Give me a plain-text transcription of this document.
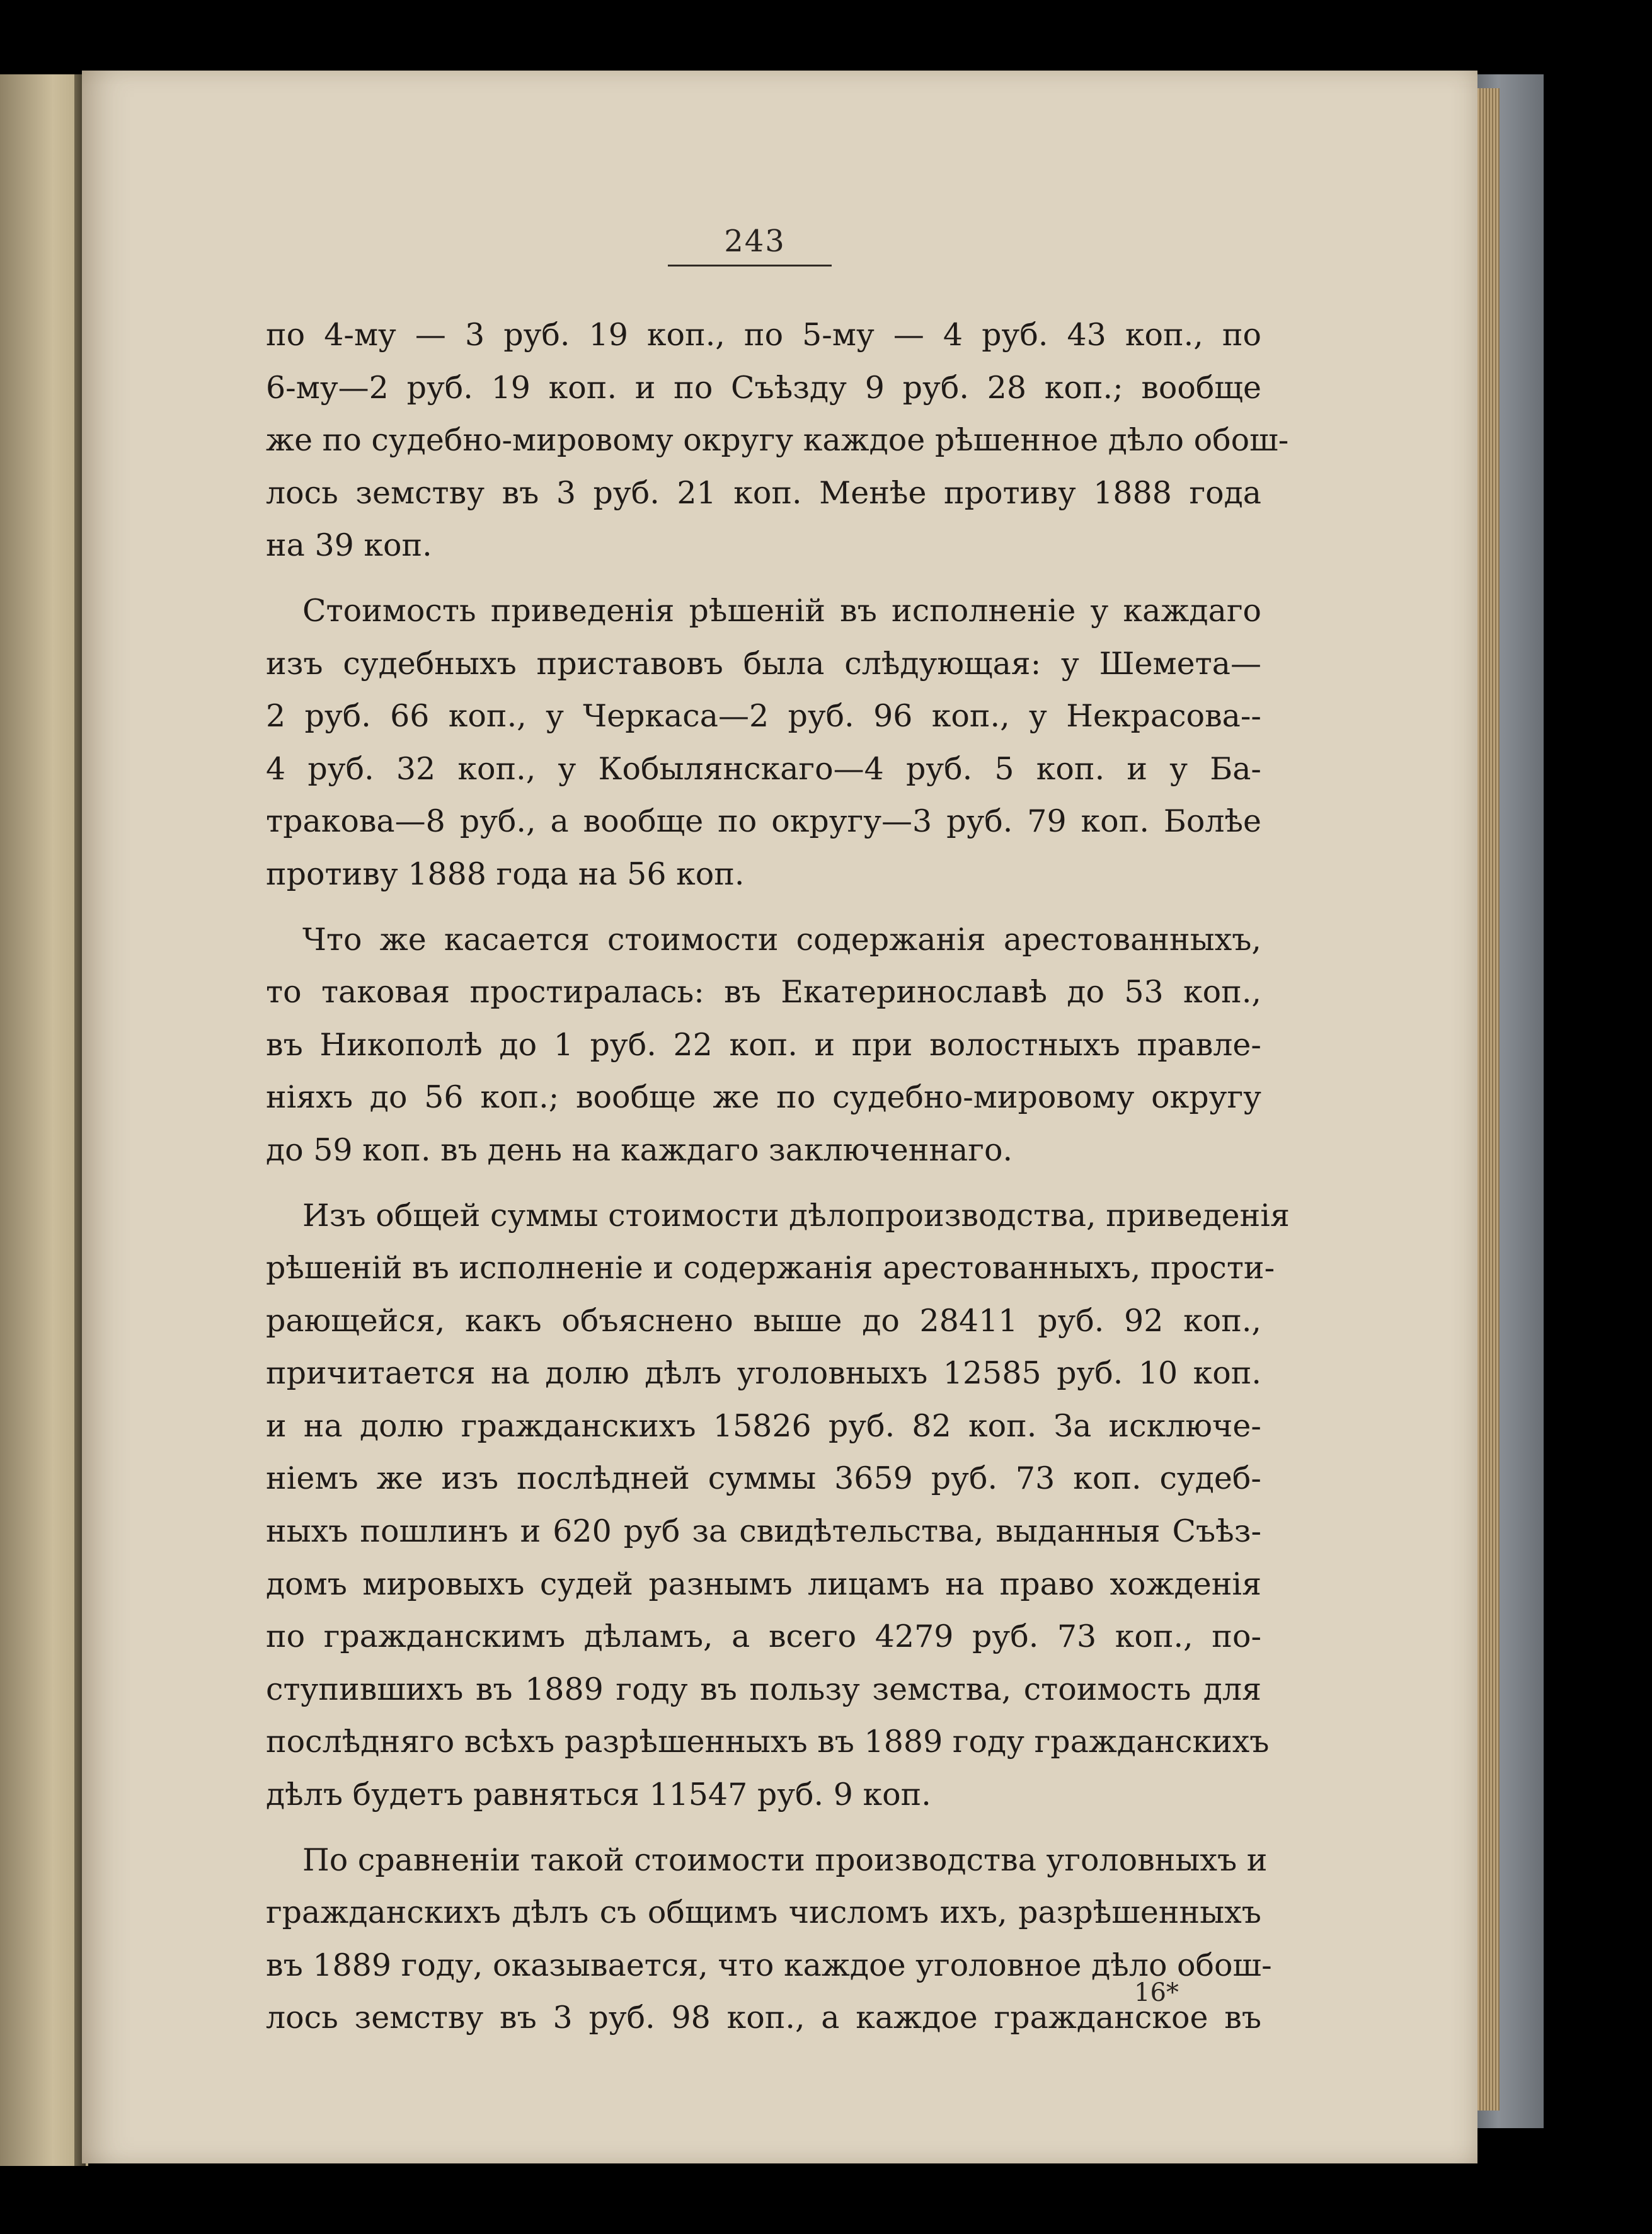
243

по 4-му — 3 руб. 19 коп., по 5-му — 4 руб. 43 коп., по
6-му—2 руб. 19 коп. и по Съѣзду 9 руб. 28 коп.; вообще
же по судебно-мировому округу каждое рѣшенное дѣло обош-
лось земству въ 3 руб. 21 коп. Менѣе противу 1888 года
на 39 коп.

Стоимость приведенія рѣшеній въ исполненіе у каждаго
изъ судебныхъ приставовъ была слѣдующая: у Шемета—
2 руб. 66 коп., у Черкаса—2 руб. 96 коп., у Некрасова--
4 руб. 32 коп., у Кобылянскаго—4 руб. 5 коп. и у Ба-
тракова—8 руб., а вообще по округу—3 руб. 79 коп. Болѣе
противу 1888 года на 56 коп.

Что же касается стоимости содержанія арестованныхъ,
то таковая простиралась: въ Екатеринославѣ до 53 коп.,
въ Никополѣ до 1 руб. 22 коп. и при волостныхъ правле-
ніяхъ до 56 коп.; вообще же по судебно-мировому округу
до 59 коп. въ день на каждаго заключеннаго.

Изъ общей суммы стоимости дѣлопроизводства, приведенія
рѣшеній въ исполненіе и содержанія арестованныхъ, прости-
рающейся, какъ объяснено выше до 28411 руб. 92 коп.,
причитается на долю дѣлъ уголовныхъ 12585 руб. 10 коп.
и на долю гражданскихъ 15826 руб. 82 коп. За исключе-
ніемъ же изъ послѣдней суммы 3659 руб. 73 коп. судеб-
ныхъ пошлинъ и 620 руб за свидѣтельства, выданныя Съѣз-
домъ мировыхъ судей разнымъ лицамъ на право хожденія
по гражданскимъ дѣламъ, а всего 4279 руб. 73 коп., по-
ступившихъ въ 1889 году въ пользу земства, стоимость для
послѣдняго всѣхъ разрѣшенныхъ въ 1889 году гражданскихъ
дѣлъ будетъ равняться 11547 руб. 9 коп.

По сравненіи такой стоимости производства уголовныхъ и
гражданскихъ дѣлъ съ общимъ числомъ ихъ, разрѣшенныхъ
въ 1889 году, оказывается, что каждое уголовное дѣло обош-
лось земству въ 3 руб. 98 коп., а каждое гражданское въ

16*
